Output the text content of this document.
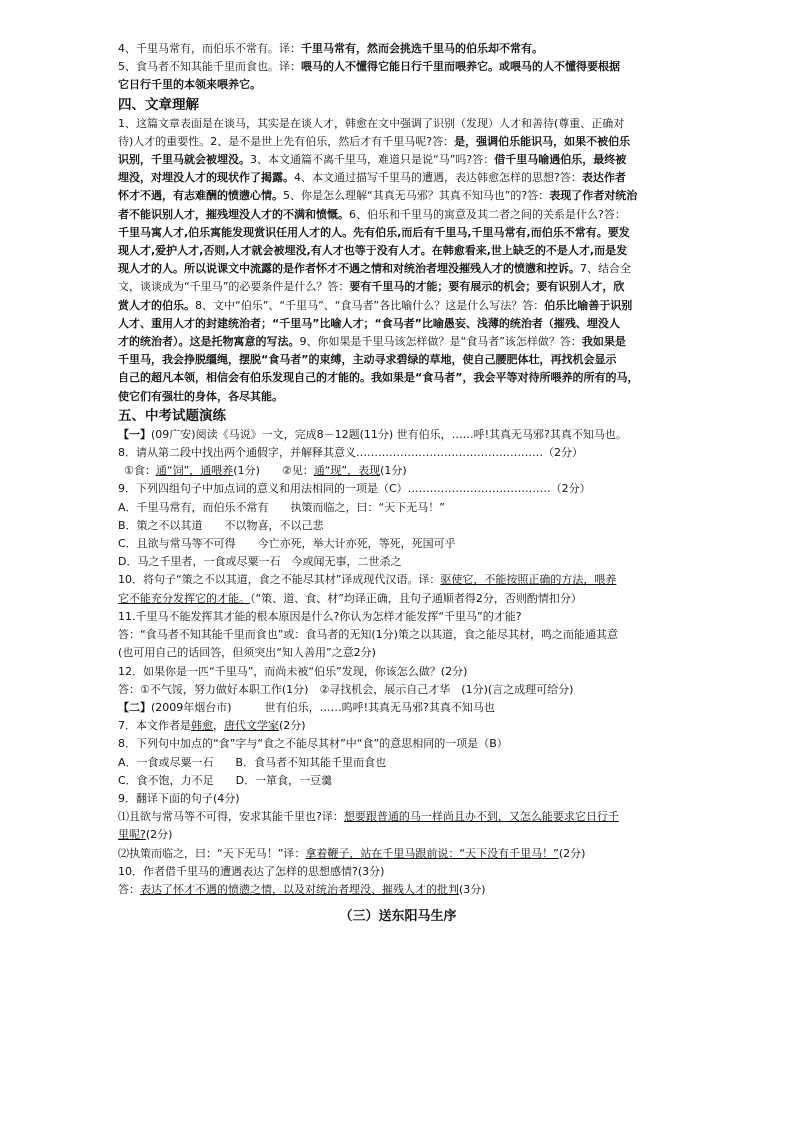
4、千里马常有，而伯乐不常有。译：千里马常有，然而会挑选千里马的伯乐却不常有。
5、食马者不知其能千里而食也。译：喂马的人不懂得它能日行千里而喂养它。或喂马的人不懂得要根据
它日行千里的本领来喂养它。
四、文章理解
1、这篇文章表面是在谈马，其实是在谈人才，韩愈在文中强调了识别（发现）人才和善待(尊重、正确对
待)人才的重要性。2、是不是世上先有伯乐，然后才有千里马呢?答：是，强调伯乐能识马，如果不被伯乐
识别，千里马就会被埋没。3、本文通篇不离千里马，难道只是说“马”吗?答：借千里马喻遇伯乐，最终被
埋没，对埋没人才的现状作了揭露。4、本文通过描写千里马的遭遇，表达韩愈怎样的思想?答：表达作者
怀才不遇，有志难酬的愤懑心情。5、你是怎么理解“其真无马邪？其真不知马也”的?答：表现了作者对统治
者不能识别人才，摧残埋没人才的不满和愤慨。6、伯乐和千里马的寓意及其二者之间的关系是什么?答：
千里马寓人才,伯乐寓能发现赏识任用人才的人。先有伯乐,而后有千里马,千里马常有,而伯乐不常有。要发
现人才,爱护人才,否则,人才就会被埋没,有人才也等于没有人才。在韩愈看来,世上缺乏的不是人才,而是发
现人才的人。所以说课文中流露的是作者怀才不遇之情和对统治者埋没摧残人才的愤懑和控诉。7、结合全
文，谈谈成为“千里马”的必要条件是什么？答：要有千里马的才能；要有展示的机会；要有识别人才，欣
赏人才的伯乐。8、文中“伯乐”、“千里马”、“食马者”各比喻什么？这是什么写法？答：伯乐比喻善于识别
人才、重用人才的封建统治者；“千里马”比喻人才；“食马者”比喻愚妄、浅薄的统治者（摧残、埋没人
才的统治者）。这是托物寓意的写法。9、你如果是千里马该怎样做？是“食马者”该怎样做？答：我如果是
千里马，我会挣脱缰绳，摆脱“食马者”的束缚，主动寻求碧绿的草地，使自己腰肥体壮，再找机会显示
自己的超凡本领，相信会有伯乐发现自己的才能的。我如果是“食马者”，我会平等对待所喂养的所有的马，
使它们有强壮的身体，各尽其能。
五、中考试题演练
【一】(09广安)阅读《马说》一文，完成8－12题(11分) 世有伯乐，……呼!其真无马邪?其真不知马也。
8．请从第二段中找出两个通假字，并解释其意义……………………………………………（2分）
①食：通“饲”，通喂养(1分)　　②见：通“现”，表现(1分)
9．下列四组句子中加点词的意义和用法相同的一项是（C）…………………………………（2分）
A．千里马常有，而伯乐不常有　　执策而临之，曰：“天下无马！”
B．策之不以其道　　不以物喜，不以己悲
C．且欲与常马等不可得　　今亡亦死，举大计亦死，等死，死国可乎
D．马之千里者，一食或尽粟一石　今或闻无事，二世杀之
10．将句子“策之不以其道，食之不能尽其材”译成现代汉语。译：驱使它，不能按照正确的方法，喂养
它不能充分发挥它的才能。（“策、道、食、材”均译正确，且句子通顺者得2分，否则酌情扣分）
11.千里马不能发挥其才能的根本原因是什么?你认为怎样才能发挥“千里马”的才能?
答：“食马者不知其能千里而食也”或：食马者的无知(1分)策之以其道，食之能尽其材，鸣之而能通其意
(也可用自己的话回答，但须突出“知人善用”之意2分)
12．如果你是一匹“千里马”，而尚未被“伯乐”发现，你该怎么做？(2分)
答：①不气馁，努力做好本职工作(1分)　②寻找机会，展示自己才华　(1分)(言之成理可给分)
【二】(2009年烟台市)　　　世有伯乐，……呜呼!其真无马邪?其真不知马也
7．本文作者是韩愈，唐代文学家(2分)
8．下列句中加点的“食”字与“食之不能尽其材”中“食”的意思相同的一项是（B）
A．一食或尽粟一石　　B．食马者不知其能千里而食也
C．食不饱，力不足　　D．一箪食，一豆羹
9．翻译下面的句子(4分)
⑴且欲与常马等不可得，安求其能千里也?译：想要跟普通的马一样尚且办不到，又怎么能要求它日行千
里呢?(2分)
⑵执策而临之，曰：“天下无马！”译：拿着鞭子，站在千里马跟前说：“天下没有千里马！”(2分)
10．作者借千里马的遭遇表达了怎样的思想感情?(3分)
答：表达了怀才不遇的愤懑之情，以及对统治者埋没、摧残人才的批判(3分)
（三）送东阳马生序
